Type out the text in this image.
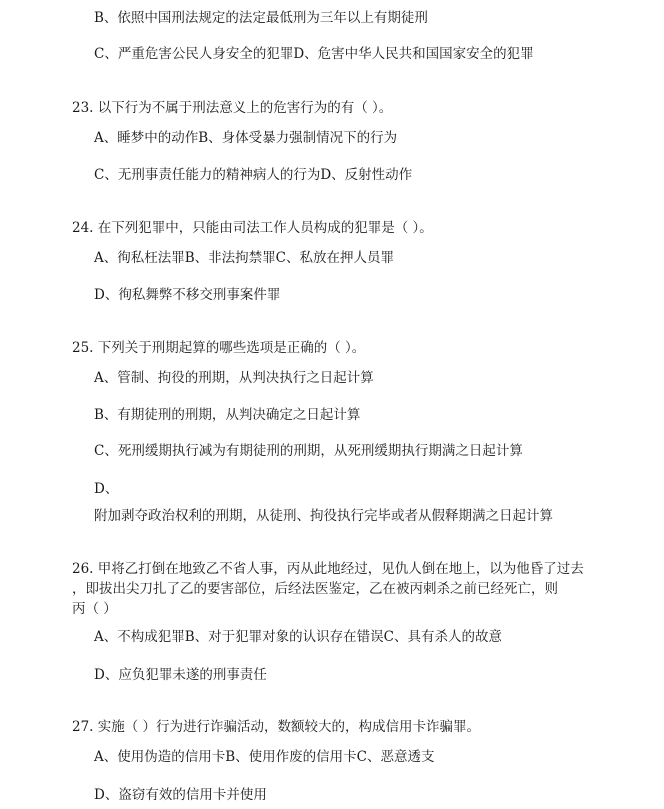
B、依照中国刑法规定的法定最低刑为三年以上有期徒刑
C、严重危害公民人身安全的犯罪D、危害中华人民共和国国家安全的犯罪
23. 以下行为不属于刑法意义上的危害行为的有（ ）。
A、睡梦中的动作B、身体受暴力强制情况下的行为
C、无刑事责任能力的精神病人的行为D、反射性动作
24. 在下列犯罪中，只能由司法工作人员构成的犯罪是（ ）。
A、徇私枉法罪B、非法拘禁罪C、私放在押人员罪
D、徇私舞弊不移交刑事案件罪
25. 下列关于刑期起算的哪些选项是正确的（ ）。
A、管制、拘役的刑期，从判决执行之日起计算
B、有期徒刑的刑期，从判决确定之日起计算
C、死刑缓期执行减为有期徒刑的刑期，从死刑缓期执行期满之日起计算
D、
附加剥夺政治权利的刑期，从徒刑、拘役执行完毕或者从假释期满之日起计算
26. 甲将乙打倒在地致乙不省人事，丙从此地经过，见仇人倒在地上，以为他昏了过去
，即拔出尖刀扎了乙的要害部位，后经法医鉴定，乙在被丙刺杀之前已经死亡，则
丙（ ）
A、不构成犯罪B、对于犯罪对象的认识存在错误C、具有杀人的故意
D、应负犯罪未遂的刑事责任
27. 实施（ ）行为进行诈骗活动，数额较大的，构成信用卡诈骗罪。
A、使用伪造的信用卡B、使用作废的信用卡C、恶意透支
D、盗窃有效的信用卡并使用
